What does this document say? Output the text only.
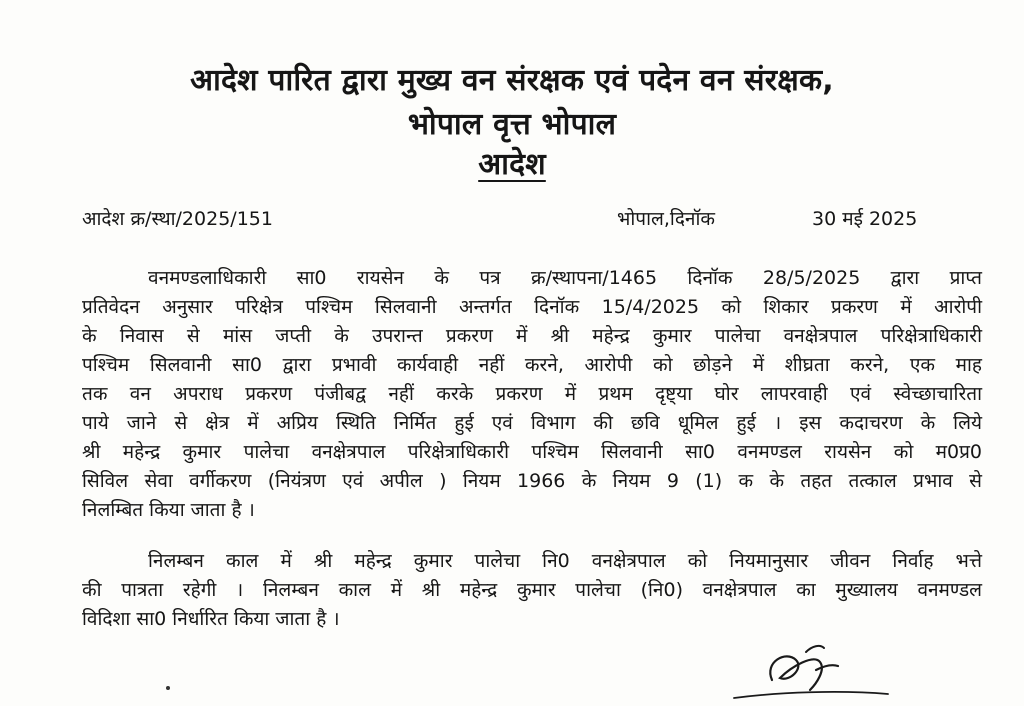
आदेश पारित द्वारा मुख्य वन संरक्षक एवं पदेन वन संरक्षक,
भोपाल वृत्त भोपाल
आदेश
आदेश क्र/स्था/2025/151	भोपाल,दिनॉक	30 मई 2025
वनमण्डलाधिकारी सा0 रायसेन के पत्र क्र/स्थापना/1465 दिनॉक 28/5/2025 द्वारा प्राप्त
प्रतिवेदन अनुसार परिक्षेत्र पश्चिम सिलवानी अन्तर्गत दिनॉक 15/4/2025 को शिकार प्रकरण में आरोपी
के निवास से मांस जप्ती के उपरान्त प्रकरण में श्री महेन्द्र कुमार पालेचा वनक्षेत्रपाल परिक्षेत्राधिकारी
पश्चिम सिलवानी सा0 द्वारा प्रभावी कार्यवाही नहीं करने, आरोपी को छोड़ने में शीघ्रता करने, एक माह
तक वन अपराध प्रकरण पंजीबद्व नहीं करके प्रकरण में प्रथम दृष्ट्या घोर लापरवाही एवं स्वेच्छाचारिता
पाये जाने से क्षेत्र में अप्रिय स्थिति निर्मित हुई एवं विभाग की छवि धूमिल हुई । इस कदाचरण के लिये
श्री महेन्द्र कुमार पालेचा वनक्षेत्रपाल परिक्षेत्राधिकारी पश्चिम सिलवानी सा0 वनमण्डल रायसेन को म0प्र0
सिविल सेवा वर्गीकरण (नियंत्रण एवं अपील ) नियम 1966 के नियम 9 (1) क के तहत तत्काल प्रभाव से
निलम्बित किया जाता है ।
निलम्बन काल में श्री महेन्द्र कुमार पालेचा नि0 वनक्षेत्रपाल को नियमानुसार जीवन निर्वाह भत्ते
की पात्रता रहेगी । निलम्बन काल में श्री महेन्द्र कुमार पालेचा (नि0) वनक्षेत्रपाल का मुख्यालय वनमण्डल
विदिशा सा0 निर्धारित किया जाता है ।
